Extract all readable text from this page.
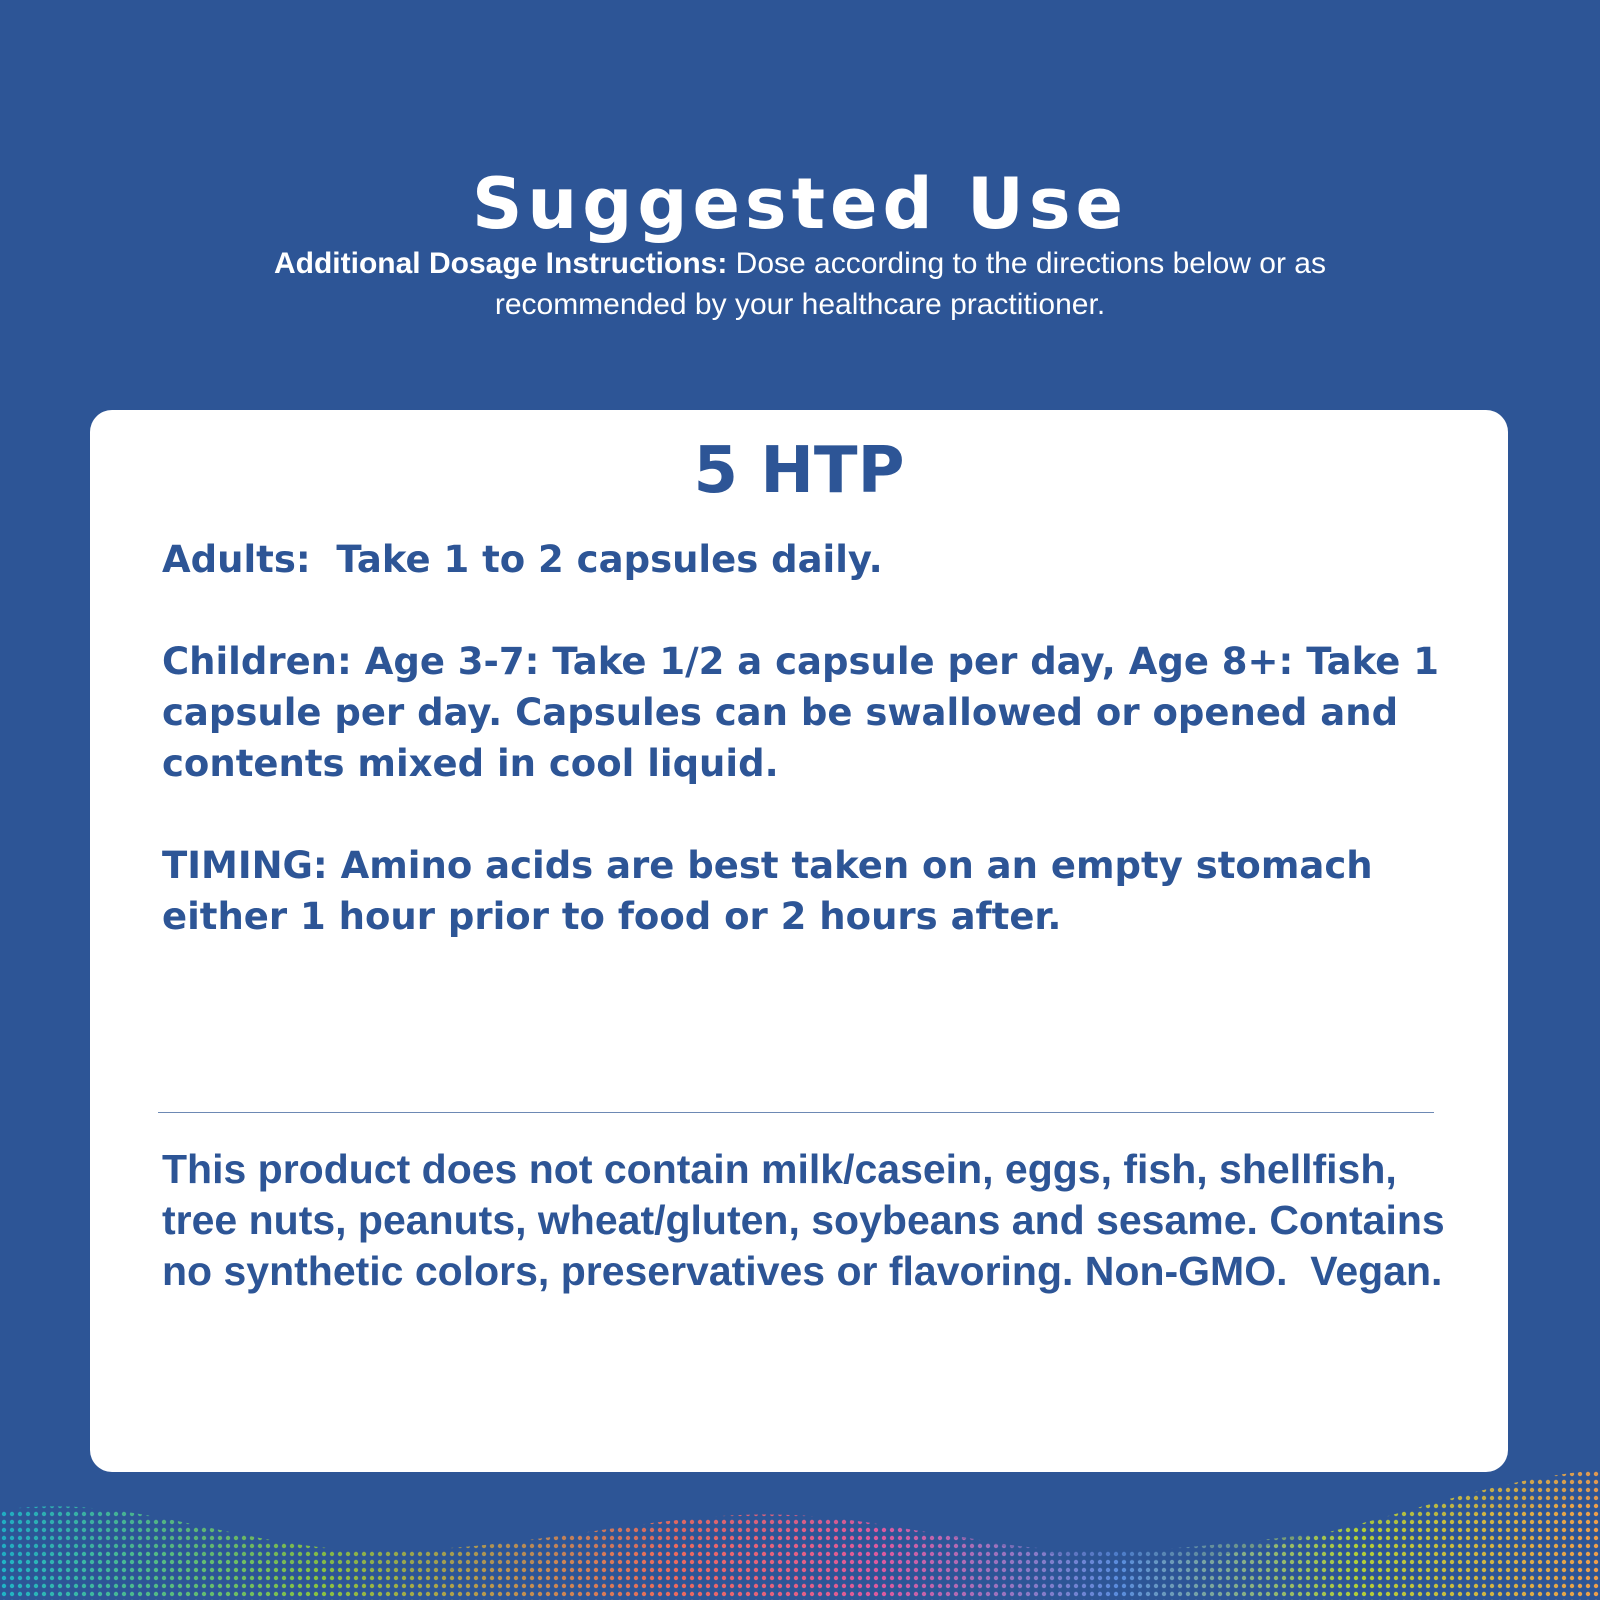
Suggested Use
Additional Dosage Instructions: Dose according to the directions below or as recommended by your healthcare practitioner.
5 HTP

Adults:  Take 1 to 2 capsules daily.

Children: Age 3-7: Take 1/2 a capsule per day, Age 8+: Take 1 capsule per day. Capsules can be swallowed or opened and contents mixed in cool liquid.

TIMING: Amino acids are best taken on an empty stomach either 1 hour prior to food or 2 hours after.

This product does not contain milk/casein, eggs, fish, shellfish, tree nuts, peanuts, wheat/gluten, soybeans and sesame. Contains no synthetic colors, preservatives or flavoring. Non-GMO.  Vegan.
